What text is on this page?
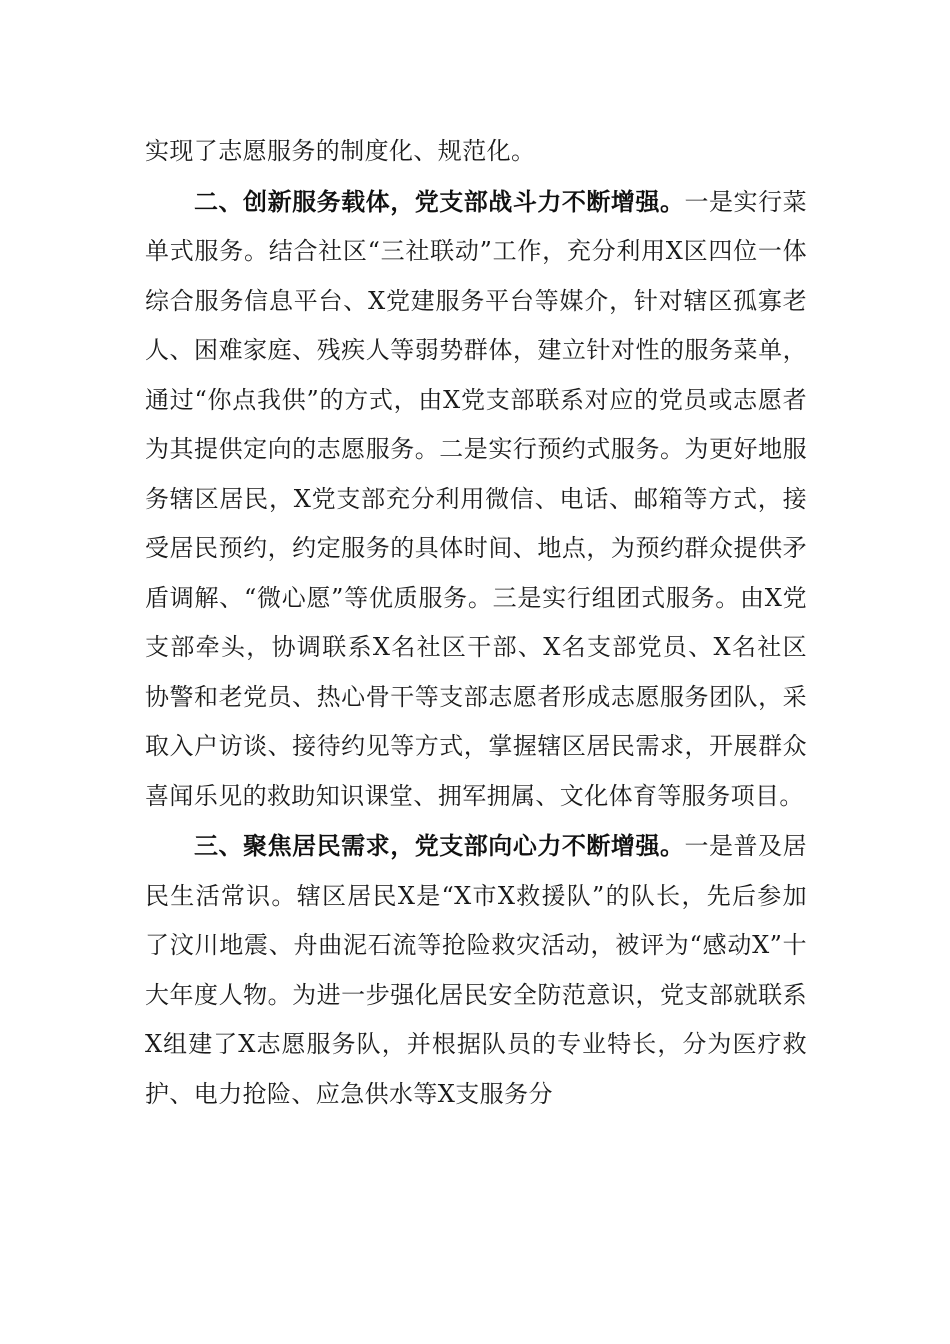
实现了志愿服务的制度化、规范化。

二、创新服务载体，党支部战斗力不断增强。一是实行菜单式服务。结合社区“三社联动”工作，充分利用X区四位一体综合服务信息平台、X党建服务平台等媒介，针对辖区孤寡老人、困难家庭、残疾人等弱势群体，建立针对性的服务菜单，通过“你点我供”的方式，由X党支部联系对应的党员或志愿者为其提供定向的志愿服务。二是实行预约式服务。为更好地服务辖区居民，X党支部充分利用微信、电话、邮箱等方式，接受居民预约，约定服务的具体时间、地点，为预约群众提供矛盾调解、“微心愿”等优质服务。三是实行组团式服务。由X党支部牵头，协调联系X名社区干部、X名支部党员、X名社区协警和老党员、热心骨干等支部志愿者形成志愿服务团队，采取入户访谈、接待约见等方式，掌握辖区居民需求，开展群众喜闻乐见的救助知识课堂、拥军拥属、文化体育等服务项目。

三、聚焦居民需求，党支部向心力不断增强。一是普及居民生活常识。辖区居民X是“X市X救援队”的队长，先后参加了汶川地震、舟曲泥石流等抢险救灾活动，被评为“感动X”十大年度人物。为进一步强化居民安全防范意识，党支部就联系X组建了X志愿服务队，并根据队员的专业特长，分为医疗救护、电力抢险、应急供水等X支服务分
